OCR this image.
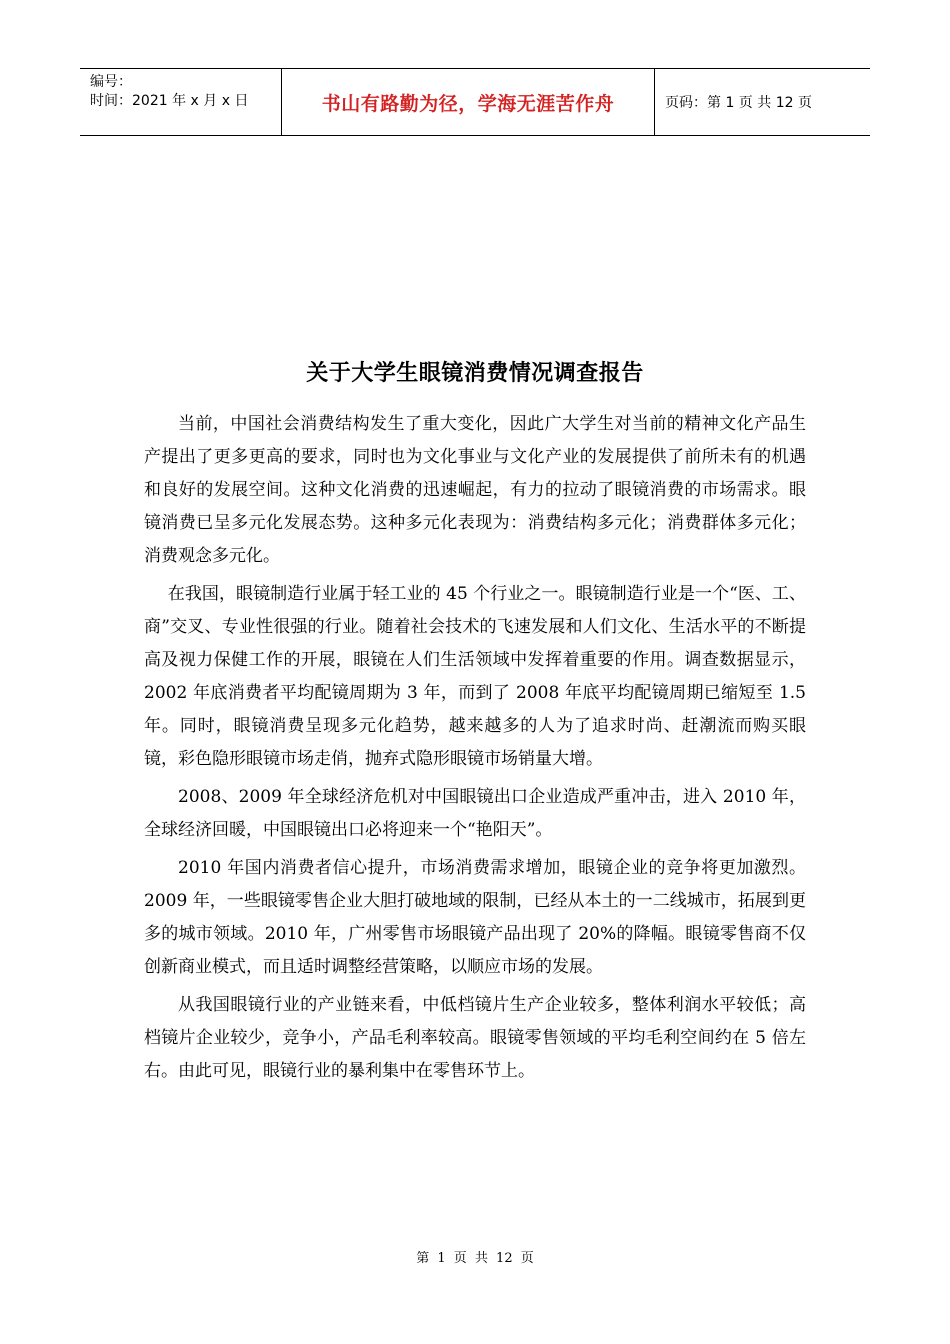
编号：
时间：2021 年 x 月 x 日	书山有路勤为径，学海无涯苦作舟	页码：第 1 页 共 12 页
关于大学生眼镜消费情况调查报告

当前，中国社会消费结构发生了重大变化，因此广大学生对当前的精神文化产品生产提出了更多更高的要求，同时也为文化事业与文化产业的发展提供了前所未有的机遇和良好的发展空间。这种文化消费的迅速崛起，有力的拉动了眼镜消费的市场需求。眼镜消费已呈多元化发展态势。这种多元化表现为：消费结构多元化；消费群体多元化；消费观念多元化。

在我国，眼镜制造行业属于轻工业的 45 个行业之一。眼镜制造行业是一个“医、工、商”交叉、专业性很强的行业。随着社会技术的飞速发展和人们文化、生活水平的不断提高及视力保健工作的开展，眼镜在人们生活领域中发挥着重要的作用。调查数据显示，2002 年底消费者平均配镜周期为 3 年，而到了 2008 年底平均配镜周期已缩短至 1.5 年。同时，眼镜消费呈现多元化趋势，越来越多的人为了追求时尚、赶潮流而购买眼镜，彩色隐形眼镜市场走俏，抛弃式隐形眼镜市场销量大增。

2008、2009 年全球经济危机对中国眼镜出口企业造成严重冲击，进入 2010 年，全球经济回暖，中国眼镜出口必将迎来一个“艳阳天”。

2010 年国内消费者信心提升，市场消费需求增加，眼镜企业的竞争将更加激烈。2009 年，一些眼镜零售企业大胆打破地域的限制，已经从本土的一二线城市，拓展到更多的城市领域。2010 年，广州零售市场眼镜产品出现了 20%的降幅。眼镜零售商不仅创新商业模式，而且适时调整经营策略，以顺应市场的发展。

从我国眼镜行业的产业链来看，中低档镜片生产企业较多，整体利润水平较低；高档镜片企业较少，竞争小，产品毛利率较高。眼镜零售领域的平均毛利空间约在 5 倍左右。由此可见，眼镜行业的暴利集中在零售环节上。

第 1 页 共 12 页
